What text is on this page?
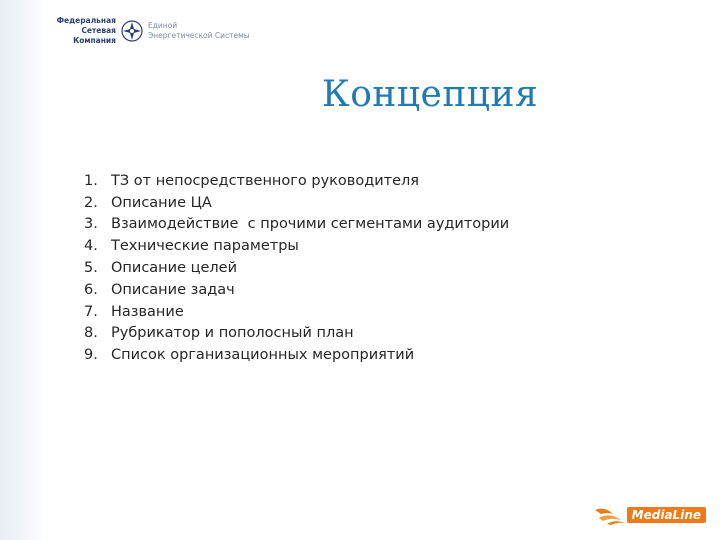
Федеральная
Сетевая Компания
Единой
Энергетической Системы
Концепция
1. ТЗ от непосредственного руководителя
2. Описание ЦА
3. Взаимодействие  с прочими сегментами аудитории
4. Технические параметры
5. Описание целей
6. Описание задач
7. Название
8. Рубрикатор и пополосный план
9. Список организационных мероприятий
MediaLine
